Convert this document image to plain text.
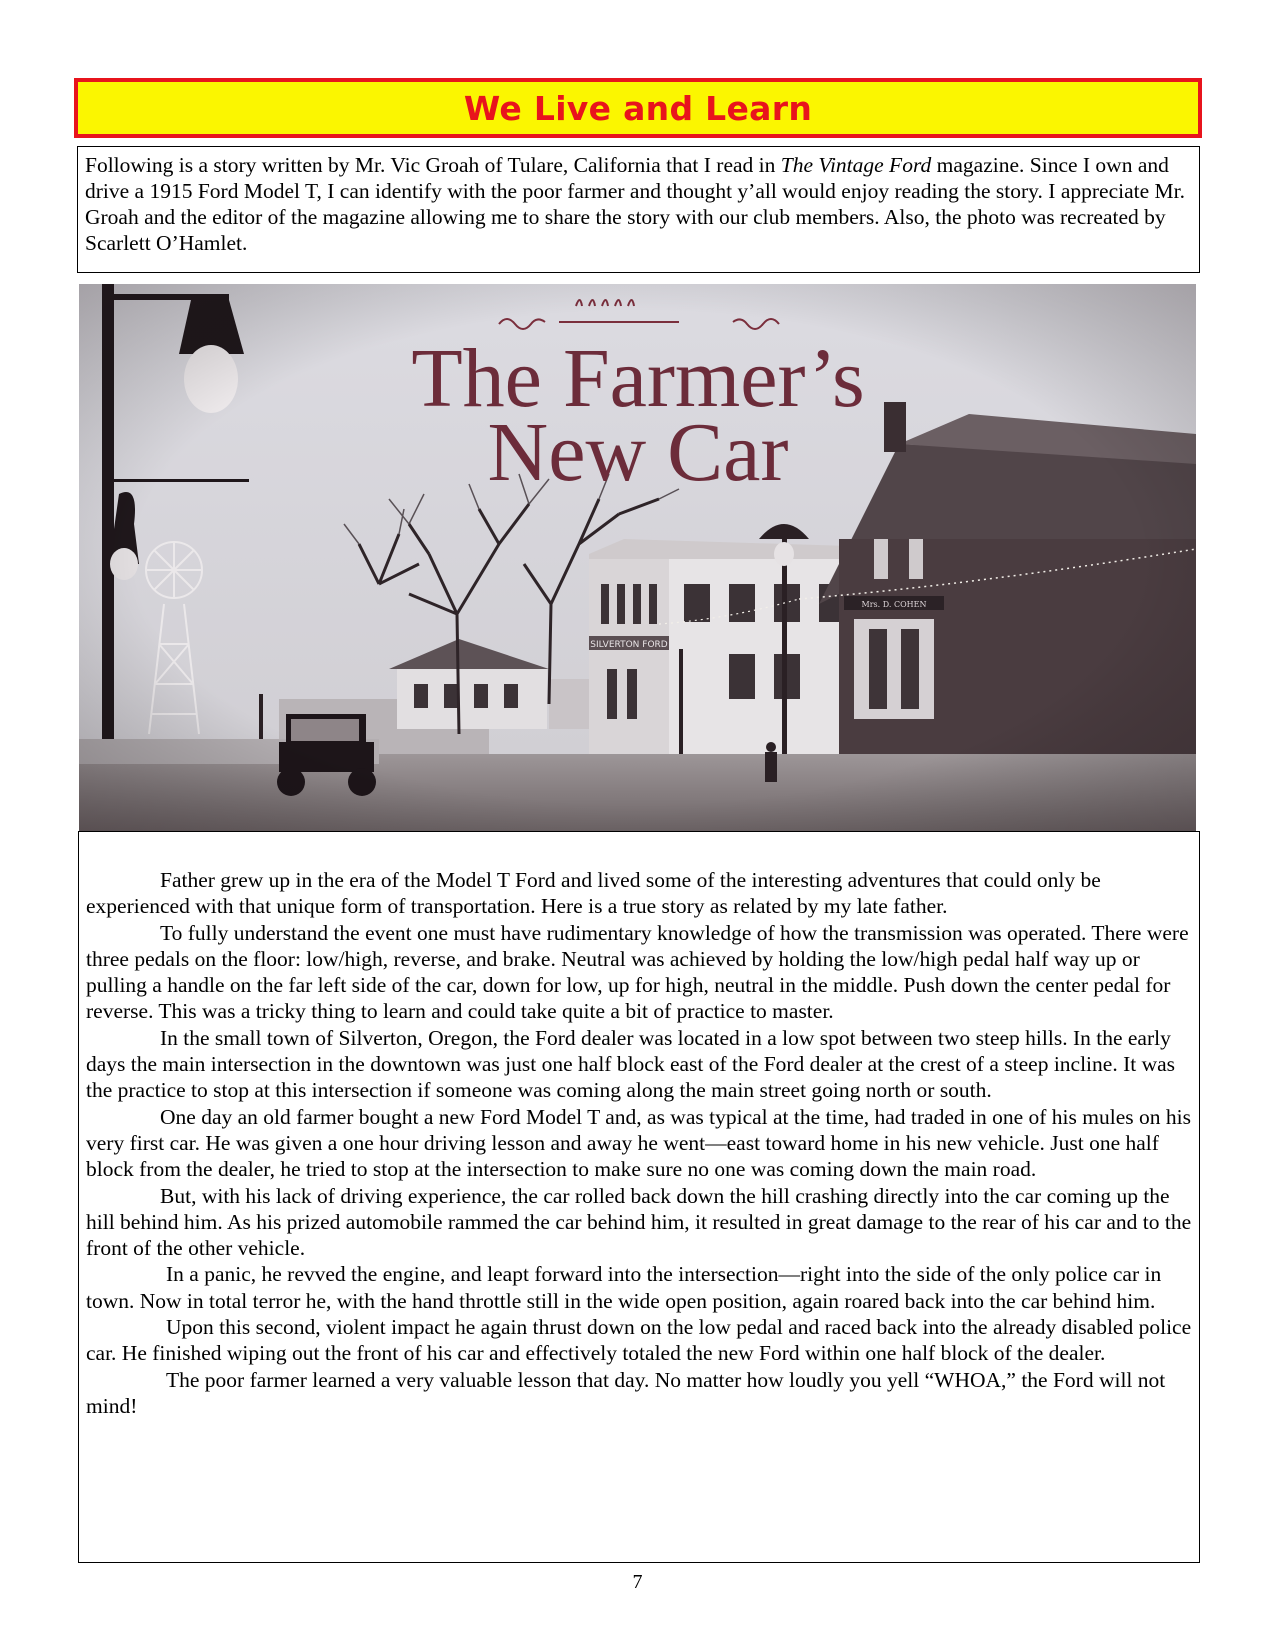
We Live and Learn

Following is a story written by Mr. Vic Groah of Tulare, California that I read in The Vintage Ford magazine. Since I own and drive a 1915 Ford Model T, I can identify with the poor farmer and thought y’all would enjoy reading the story. I appreciate Mr. Groah and the editor of the magazine allowing me to share the story with our club members. Also, the photo was recreated by Scarlett O’Hamlet.

Father grew up in the era of the Model T Ford and lived some of the interesting adventures that could only be experienced with that unique form of transportation. Here is a true story as related by my late father.

To fully understand the event one must have rudimentary knowledge of how the transmission was operated. There were three pedals on the floor: low/high, reverse, and brake. Neutral was achieved by holding the low/high pedal half way up or pulling a handle on the far left side of the car, down for low, up for high, neutral in the middle. Push down the center pedal for reverse. This was a tricky thing to learn and could take quite a bit of practice to master.

In the small town of Silverton, Oregon, the Ford dealer was located in a low spot between two steep hills. In the early days the main intersection in the downtown was just one half block east of the Ford dealer at the crest of a steep incline. It was the practice to stop at this intersection if someone was coming along the main street going north or south.

One day an old farmer bought a new Ford Model T and, as was typical at the time, had traded in one of his mules on his very first car. He was given a one hour driving lesson and away he went—east toward home in his new vehicle. Just one half block from the dealer, he tried to stop at the intersection to make sure no one was coming down the main road.

But, with his lack of driving experience, the car rolled back down the hill crashing directly into the car coming up the hill behind him. As his prized automobile rammed the car behind him, it resulted in great damage to the rear of his car and to the front of the other vehicle.

In a panic, he revved the engine, and leapt forward into the intersection—right into the side of the only police car in town. Now in total terror he, with the hand throttle still in the wide open position, again roared back into the car behind him.

Upon this second, violent impact he again thrust down on the low pedal and raced back into the already disabled police car. He finished wiping out the front of his car and effectively totaled the new Ford within one half block of the dealer.

The poor farmer learned a very valuable lesson that day. No matter how loudly you yell “WHOA,” the Ford will not mind!

7
